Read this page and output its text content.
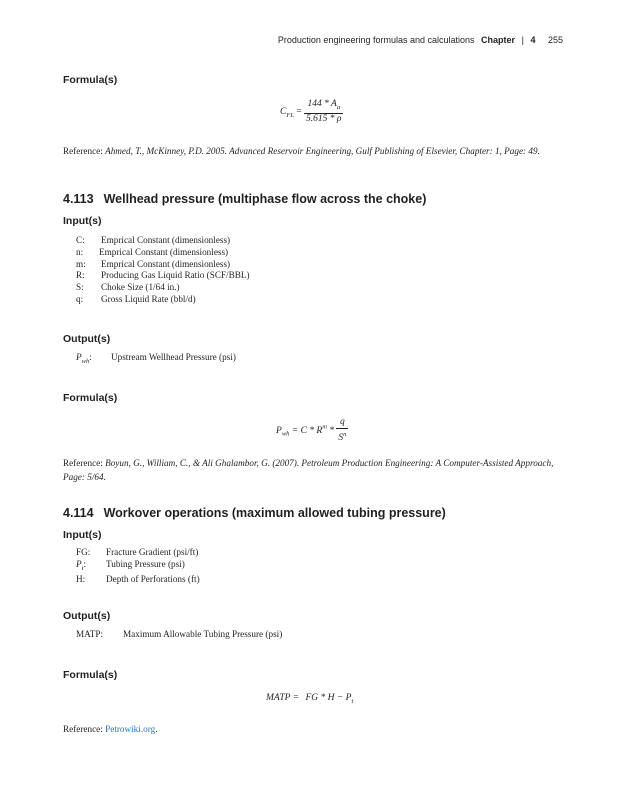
Production engineering formulas and calculations Chapter | 4 255
Formula(s)
$C_{FL} = \frac{144 * A_a}{5.615 * \rho}$
Reference: Ahmed, T., McKinney, P.D. 2005. Advanced Reservoir Engineering, Gulf Publishing of Elsevier, Chapter: 1, Page: 49.
4.113 Wellhead pressure (multiphase flow across the choke)
Input(s)
C:	Emprical Constant (dimensionless)
n:	Emprical Constant (dimensionless)
m:	Emprical Constant (dimensionless)
R:	Producing Gas Liquid Ratio (SCF/BBL)
S:	Choke Size (1/64 in.)
q:	Gross Liquid Rate (bbl/d)
Output(s)
$P_{wh}$:	Upstream Wellhead Pressure (psi)
Formula(s)
$P_{wh} = C * R^m * \frac{q}{S^n}$
Reference: Boyun, G., William, C., & Ali Ghalambor, G. (2007). Petroleum Production Engineering: A Computer-Assisted Approach, Page: 5/64.
4.114 Workover operations (maximum allowed tubing pressure)
Input(s)
FG:	Fracture Gradient (psi/ft)
$P_t$:	Tubing Pressure (psi)
H:	Depth of Perforations (ft)
Output(s)
MATP:	Maximum Allowable Tubing Pressure (psi)
Formula(s)
MATP = FG * $H - P_t$
Reference: Petrowiki.org.
